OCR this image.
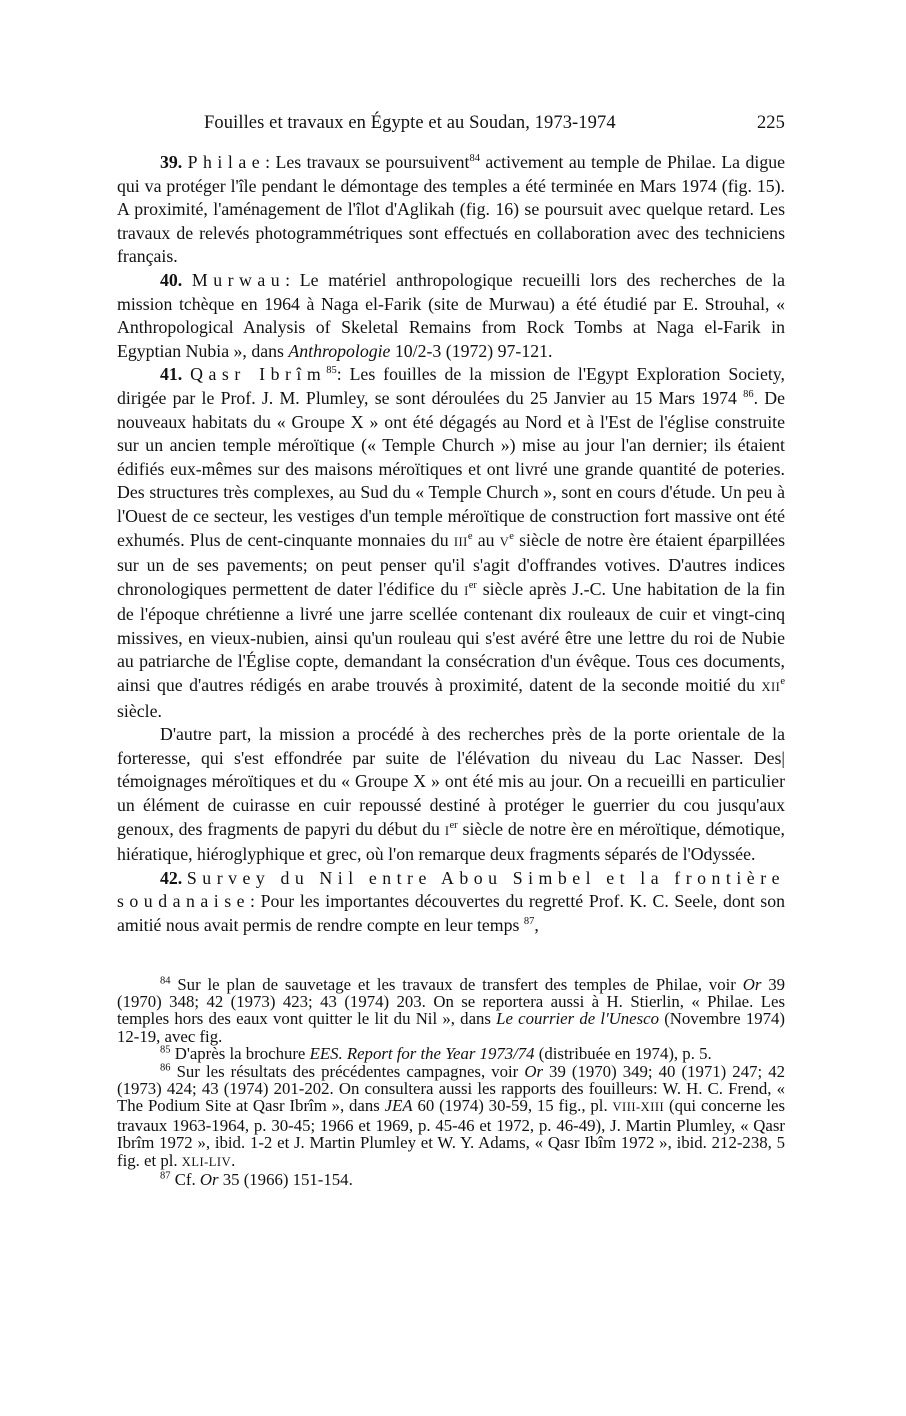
Fouilles et travaux en Égypte et au Soudan, 1973-1974	225

39. Philae: Les travaux se poursuivent$^{84}$ activement au temple de Philae. La digue qui va protéger l'île pendant le démontage des temples a été terminée en Mars 1974 (fig. 15). A proximité, l'aménagement de l'îlot d'Aglikah (fig. 16) se poursuit avec quelque retard. Les travaux de relevés photogrammétriques sont effectués en collaboration avec des techniciens français.

40. Murwau: Le matériel anthropologique recueilli lors des recherches de la mission tchèque en 1964 à Naga el-Farik (site de Murwau) a été étudié par E. Strouhal, « Anthropological Analysis of Skeletal Remains from Rock Tombs at Naga el-Farik in Egyptian Nubia », dans Anthropologie 10/2-3 (1972) 97-121.

41. Qasr Ibrîm$^{85}$: Les fouilles de la mission de l'Egypt Exploration Society, dirigée par le Prof. J. M. Plumley, se sont déroulées du 25 Janvier au 15 Mars 1974 $^{86}$. De nouveaux habitats du « Groupe X » ont été dégagés au Nord et à l'Est de l'église construite sur un ancien temple méroïtique (« Temple Church ») mise au jour l'an dernier; ils étaient édifiés eux-mêmes sur des maisons méroïtiques et ont livré une grande quantité de poteries. Des structures très complexes, au Sud du « Temple Church », sont en cours d'étude. Un peu à l'Ouest de ce secteur, les vestiges d'un temple méroïtique de construction fort massive ont été exhumés. Plus de cent-cinquante monnaies du IIIe au Ve siècle de notre ère étaient éparpillées sur un de ses pavements; on peut penser qu'il s'agit d'offrandes votives. D'autres indices chronologiques permettent de dater l'édifice du Ier siècle après J.-C. Une habitation de la fin de l'époque chrétienne a livré une jarre scellée contenant dix rouleaux de cuir et vingt-cinq missives, en vieux-nubien, ainsi qu'un rouleau qui s'est avéré être une lettre du roi de Nubie au patriarche de l'Église copte, demandant la consécration d'un évêque. Tous ces documents, ainsi que d'autres rédigés en arabe trouvés à proximité, datent de la seconde moitié du XIIe siècle.

D'autre part, la mission a procédé à des recherches près de la porte orientale de la forteresse, qui s'est effondrée par suite de l'élévation du niveau du Lac Nasser. Des| témoignages méroïtiques et du « Groupe X » ont été mis au jour. On a recueilli en particulier un élément de cuirasse en cuir repoussé destiné à protéger le guerrier du cou jusqu'aux genoux, des fragments de papyri du début du Ier siècle de notre ère en méroïtique, démotique, hiératique, hiéroglyphique et grec, où l'on remarque deux fragments séparés de l'Odyssée.

42. Survey du Nil entre Abou Simbel et la frontière soudanaise: Pour les importantes découvertes du regretté Prof. K. C. Seele, dont son amitié nous avait permis de rendre compte en leur temps $^{87}$,

$^{84}$ Sur le plan de sauvetage et les travaux de transfert des temples de Philae, voir Or 39 (1970) 348; 42 (1973) 423; 43 (1974) 203. On se reportera aussi à H. Stierlin, « Philae. Les temples hors des eaux vont quitter le lit du Nil », dans Le courrier de l'Unesco (Novembre 1974) 12-19, avec fig.

$^{85}$ D'après la brochure EES. Report for the Year 1973/74 (distribuée en 1974), p. 5.

$^{86}$ Sur les résultats des précédentes campagnes, voir Or 39 (1970) 349; 40 (1971) 247; 42 (1973) 424; 43 (1974) 201-202. On consultera aussi les rapports des fouilleurs: W. H. C. Frend, « The Podium Site at Qasr Ibrîm », dans JEA 60 (1974) 30-59, 15 fig., pl. VIII-XIII (qui concerne les travaux 1963-1964, p. 30-45; 1966 et 1969, p. 45-46 et 1972, p. 46-49), J. Martin Plumley, « Qasr Ibrîm 1972 », ibid. 1-2 et J. Martin Plumley et W. Y. Adams, « Qasr Ibîm 1972 », ibid. 212-238, 5 fig. et pl. XLI-LIV.

$^{87}$ Cf. Or 35 (1966) 151-154.
